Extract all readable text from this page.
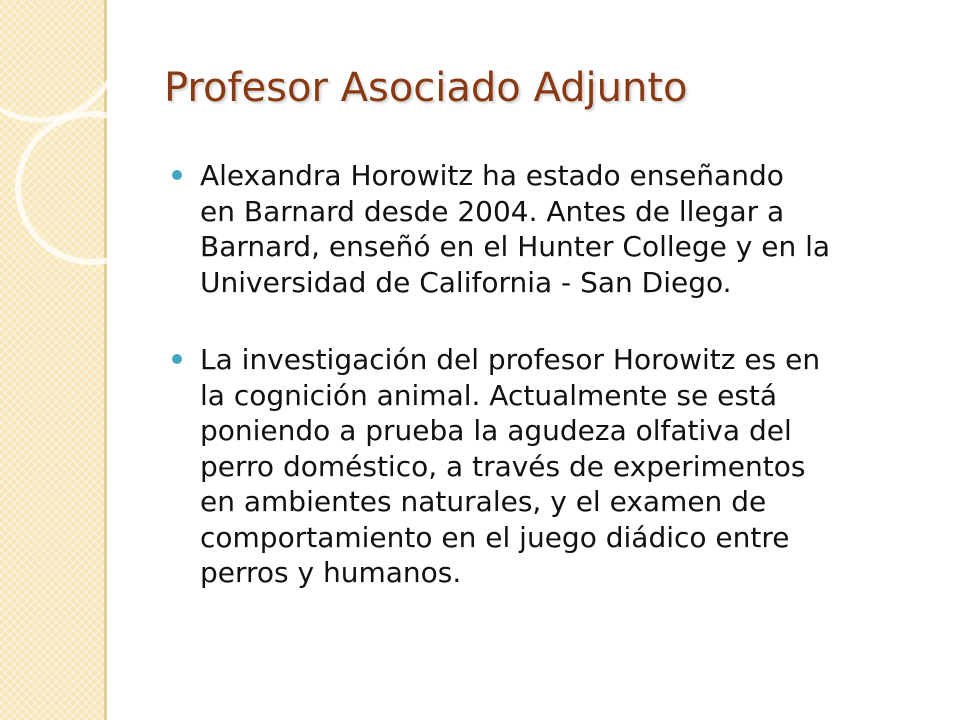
Profesor Asociado Adjunto
Alexandra Horowitz ha estado enseñando
en Barnard desde 2004. Antes de llegar a
Barnard, enseñó en el Hunter College y en la
Universidad de California - San Diego.
La investigación del profesor Horowitz es en
la cognición animal. Actualmente se está
poniendo a prueba la agudeza olfativa del
perro doméstico, a través de experimentos
en ambientes naturales, y el examen de
comportamiento en el juego diádico entre
perros y humanos.
